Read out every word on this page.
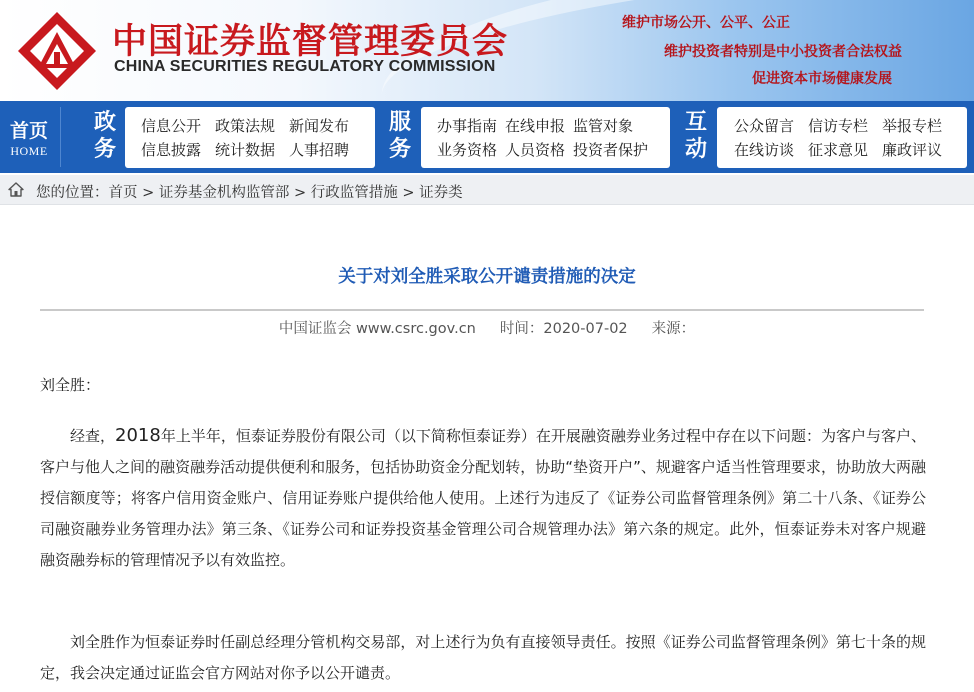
中国证券监督管理委员会
CHINA SECURITIES REGULATORY COMMISSION
维护市场公开、公平、公正
维护投资者特别是中小投资者合法权益
促进资本市场健康发展
首页
HOME
政务
信息公开 政策法规 新闻发布
信息披露 统计数据 人事招聘
服务
办事指南 在线申报 监管对象
业务资格 人员资格 投资者保护
互动
公众留言 信访专栏 举报专栏
在线访谈 征求意见 廉政评议
您的位置：首页 > 证券基金机构监管部 > 行政监管措施 > 证券类
关于对刘全胜采取公开谴责措施的决定
中国证监会 www.csrc.gov.cn 时间：2020-07-02 来源：
刘全胜：
经查，2018年上半年，恒泰证券股份有限公司（以下简称恒泰证券）在开展融资融券业务过程中存在以下问题：为客户与客户、客户与他人之间的融资融券活动提供便利和服务，包括协助资金分配划转，协助“垫资开户”、规避客户适当性管理要求，协助放大两融授信额度等；将客户信用资金账户、信用证券账户提供给他人使用。上述行为违反了《证券公司监督管理条例》第二十八条、《证券公司融资融券业务管理办法》第三条、《证券公司和证券投资基金管理公司合规管理办法》第六条的规定。此外，恒泰证券未对客户规避融资融券标的管理情况予以有效监控。
刘全胜作为恒泰证券时任副总经理分管机构交易部，对上述行为负有直接领导责任。按照《证券公司监督管理条例》第七十条的规定，我会决定通过证监会官方网站对你予以公开谴责。
